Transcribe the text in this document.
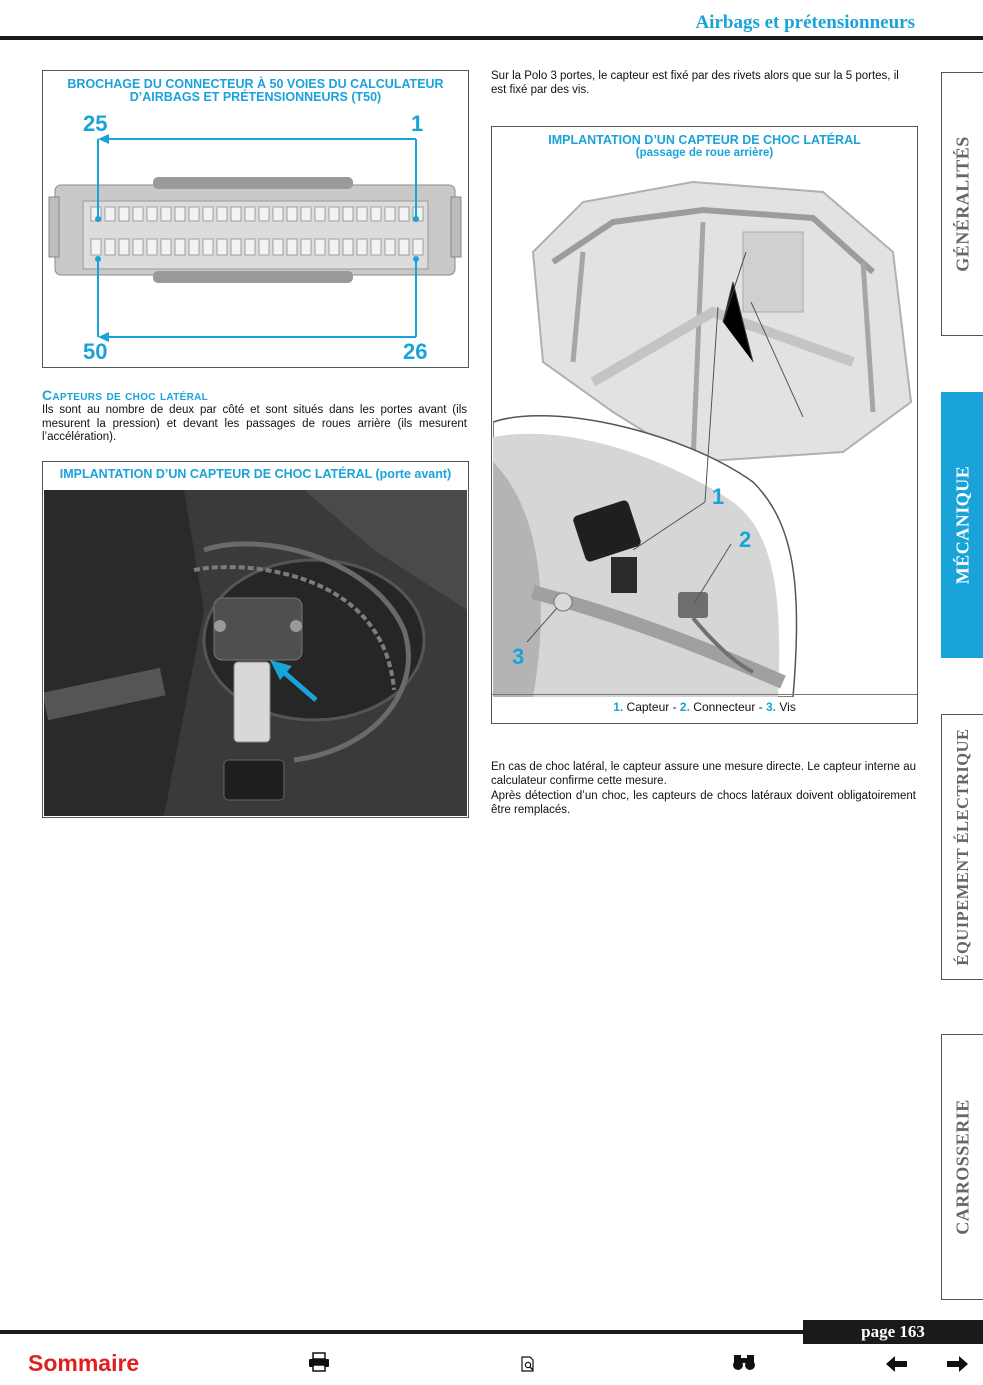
Airbags et prétensionneurs
BROCHAGE DU CONNECTEUR À 50 VOIES DU CALCULATEUR
D’AIRBAGS ET PRÉTENSIONNEURS (T50)
25	1
50	26
Capteurs de choc latéral
Ils sont au nombre de deux par côté et sont situés dans les portes avant (ils mesurent la pression) et devant les passages de roues arrière (ils mesurent l’accélération).
IMPLANTATION D’UN CAPTEUR DE CHOC LATÉRAL (porte avant)
Sur la Polo 3 portes, le capteur est fixé par des rivets alors que sur la 5 portes, il est fixé par des vis.
IMPLANTATION D’UN CAPTEUR DE CHOC LATÉRAL
(passage de roue arrière)
1
2
3
1. Capteur - 2. Connecteur - 3. Vis
En cas de choc latéral, le capteur assure une mesure directe. Le capteur interne au calculateur confirme cette mesure.
Après détection d’un choc, les capteurs de chocs latéraux doivent obligatoirement être remplacés.
GÉNÉRALITÉS
MÉCANIQUE
ÉQUIPEMENT ÉLECTRIQUE
CARROSSERIE
page 163
Sommaire
